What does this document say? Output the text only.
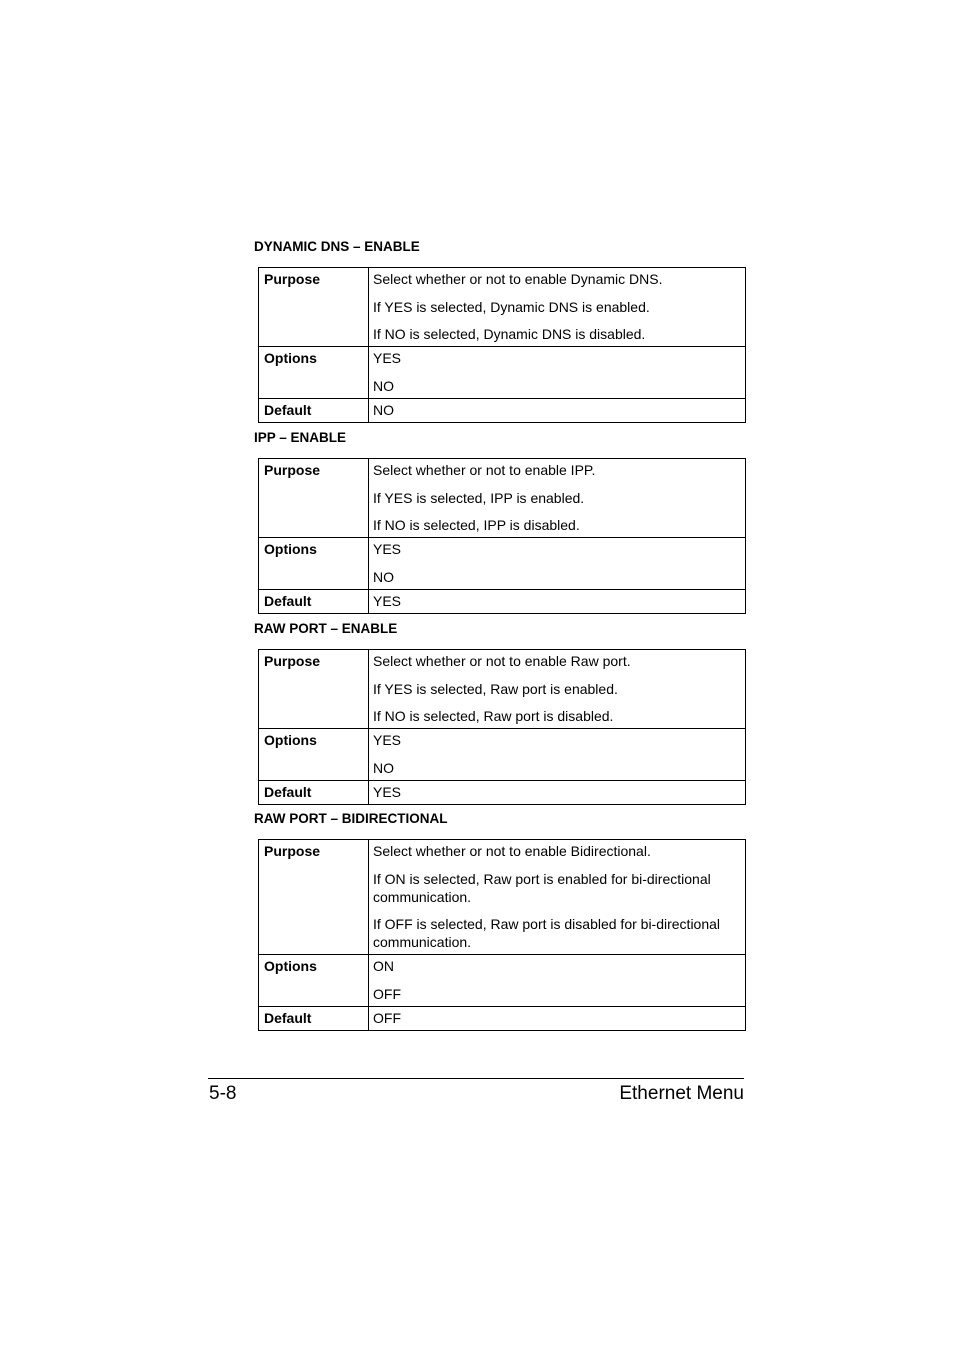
DYNAMIC DNS – ENABLE
Purpose	Select whether or not to enable Dynamic DNS.
If YES is selected, Dynamic DNS is enabled.
If NO is selected, Dynamic DNS is disabled.

Options	YES
NO

Default	NO
IPP – ENABLE
Purpose	Select whether or not to enable IPP.
If YES is selected, IPP is enabled.
If NO is selected, IPP is disabled.

Options	YES
NO

Default	YES
RAW PORT – ENABLE
Purpose	Select whether or not to enable Raw port.
If YES is selected, Raw port is enabled.
If NO is selected, Raw port is disabled.

Options	YES
NO

Default	YES
RAW PORT – BIDIRECTIONAL
Purpose	Select whether or not to enable Bidirectional.
If ON is selected, Raw port is enabled for bi-directional communication.
If OFF is selected, Raw port is disabled for bi-directional communication.

Options	ON
OFF

Default	OFF
5-8	Ethernet Menu
